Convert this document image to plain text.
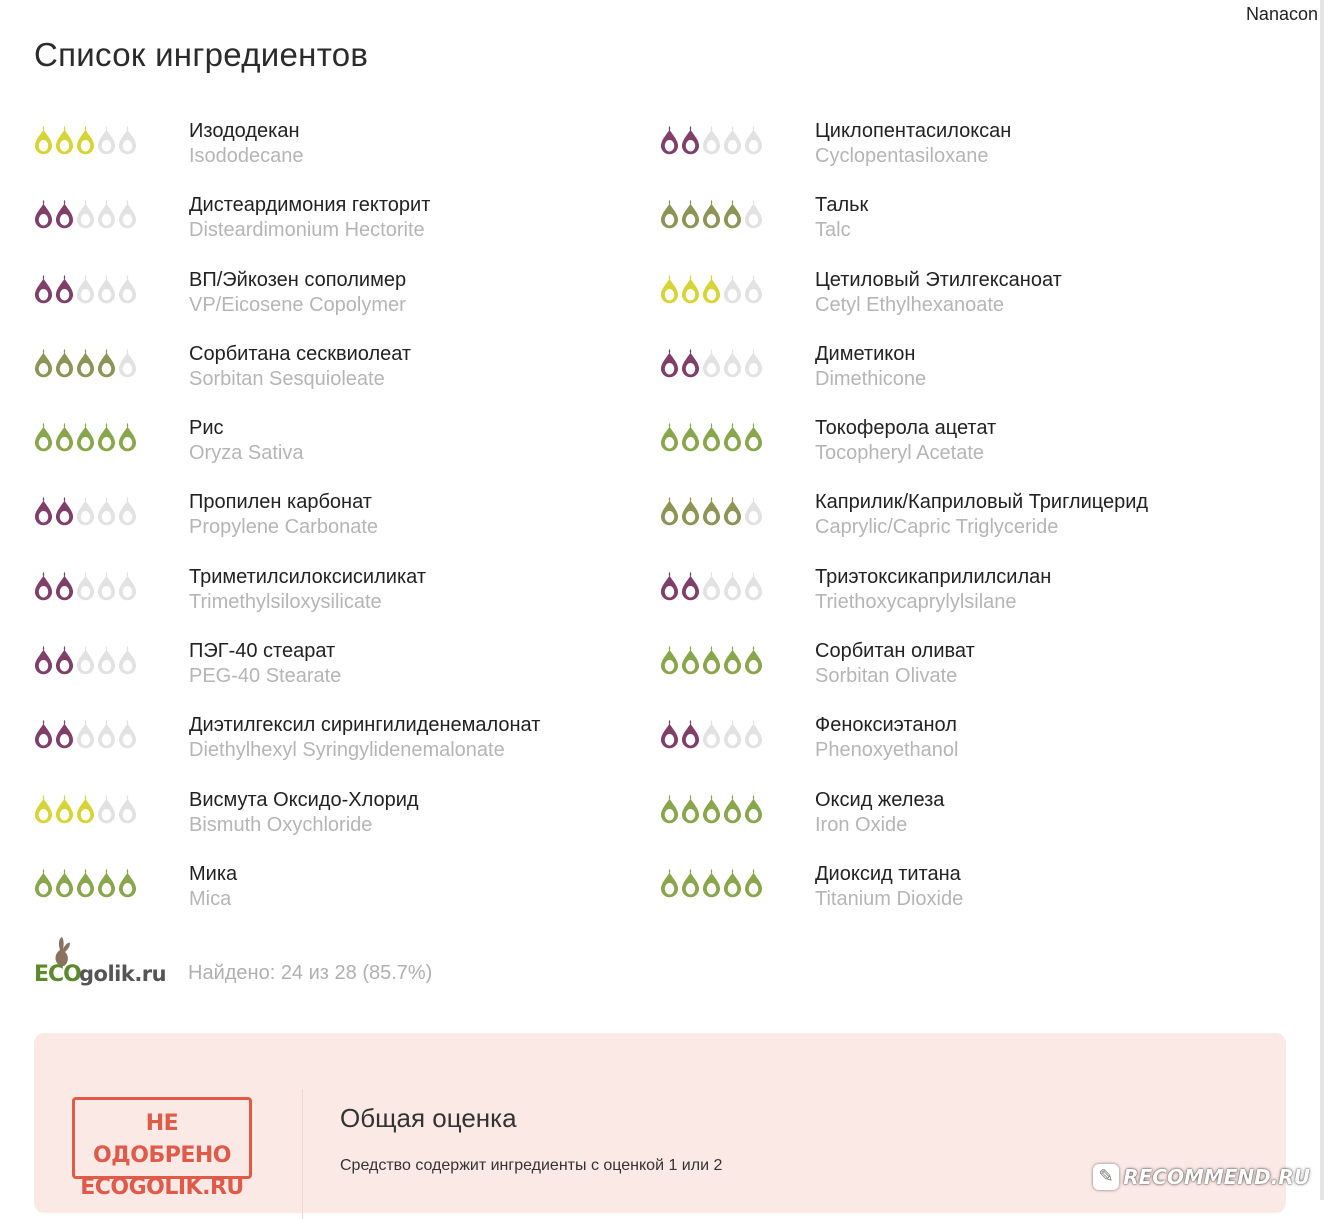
Nanacon
Список ингредиентов
Изододекан
Isododecane
Циклопентасилоксан
Cyclopentasiloxane
Дистеардимония гекторит
Disteardimonium Hectorite
Тальк
Talc
ВП/Эйкозен сополимер
VP/Eicosene Copolymer
Цетиловый Этилгексаноат
Cetyl Ethylhexanoate
Сорбитана сесквиолеат
Sorbitan Sesquioleate
Диметикон
Dimethicone
Рис
Oryza Sativa
Токоферола ацетат
Tocopheryl Acetate
Пропилен карбонат
Propylene Carbonate
Каприлик/Каприловый Триглицерид
Caprylic/Capric Triglyceride
Триметилсилоксисиликат
Trimethylsiloxysilicate
Триэтоксикаприлилсилан
Triethoxycaprylylsilane
ПЭГ-40 стеарат
PEG-40 Stearate
Сорбитан оливат
Sorbitan Olivate
Диэтилгексил сирингилиденемалонат
Diethylhexyl Syringylidenemalonate
Феноксиэтанол
Phenoxyethanol
Висмута Оксидо-Хлорид
Bismuth Oxychloride
Оксид железа
Iron Oxide
Мика
Mica
Диоксид титана
Titanium Dioxide
ECO
golik.ru Найдено: 24 из 28 (85.7%)
НЕ ОДОБРЕНО
ECOGOLIK.RU
Общая оценка
Средство содержит ингредиенты с оценкой 1 или 2
✎ RECOMMEND.RU
